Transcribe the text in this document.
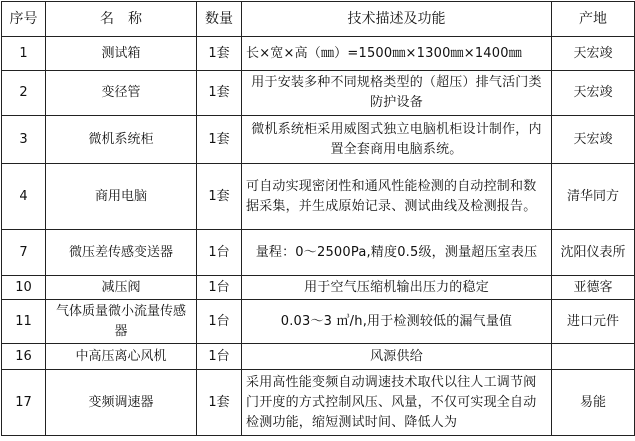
序号	名　称	数量	技术描述及功能	产地
1	测试箱	1套	长×宽×高（㎜）=1500㎜×1300㎜×1400㎜	天宏竣
2	变径管	1套	用于安装多种不同规格类型的（超压）排气活门类防护设备	天宏竣
3	微机系统柜	1套	微机系统柜采用威图式独立电脑机柜设计制作，内置全套商用电脑系统。	天宏竣
4	商用电脑	1套	可自动实现密闭性和通风性能检测的自动控制和数据采集，并生成原始记录、测试曲线及检测报告。	清华同方
7	微压差传感变送器	1台	量程：0～2500Pa,精度0.5级，测量超压室表压	沈阳仪表所
10	减压阀	1台	用于空气压缩机输出压力的稳定	亚德客
11	气体质量微小流量传感器	1台	0.03～3 ㎥/h,用于检测较低的漏气量值	进口元件
16	中高压离心风机	1台	风源供给	
17	变频调速器	1套	采用高性能变频自动调速技术取代以往人工调节阀门开度的方式控制风压、风量，不仅可实现全自动检测功能，缩短测试时间、降低人为	易能
